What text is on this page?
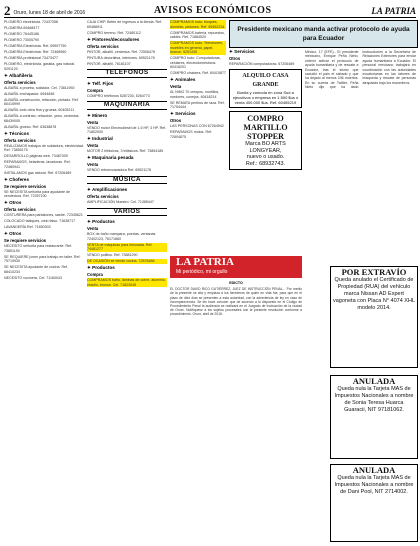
2 Oruro, lunes 18 de abril de 2016	AVISOS ECONÓMICOS	LA PATRIA
PLOMERO electricista. 72437358
PLOMERÍA 69468477
PLOMERO 76445186
PLOMERO 73005790
PLOMERÍA Electricista. Ref. 69597750
PLOMERÍA Electricista. Ref. 72468960
PLOMERÍA profesional 73473477
PLOMERO, electricista, gasista, gas natural. 5291120
✦ Albañilería
Oferta servicios
ALBAÑIL a prueba, soldador. Cel. 73811992
ALBAÑIL enchapador. 6944848
ALBAÑIL construcción, refacción, pintado. Ref. 60415999
ALBAÑIL todo obra fina y gruesa. 60405211
ALBAÑIL a contrato, refacción, yeso, cerámica. 68439005
ALBAÑIL grueso. Ref. 63638878
✦ Técnicos
Oferta servicios
REALIZAMOS trabajos de soldadura, electricidad. Ref. 73855175
DESARROLLO páginas web. 73487009
REPARAMOS, heladeras, lavadoras. Ref. 72480941
INSTALAMOS gas natural. Ref. 67206489
✦ Choferes
Se requiere servicios
SE NECESITA señorita para ayudante de vendedora. Ref. 72397100
✦ Otros
Oferta servicios
COSTURERA para pantalones, sastre. 72345621
COLOCADO tabiques, cielo falso. 71638717
LAVANDERÍA Ref. 71650303
✦ Otros
Se requiere servicios
NECESITO señorita para restaurante. Ref. 73851190
SE REQUIERE joven para trabajo en taller. Ref. 75719930
SE NECESITA ayudante de cocina. Ref. 68410234
NECESITO cocinera. Cel. 71160043
CAJA CHIP. Belén de ingresos a la tienda. Ref. 69488911
COMPRO terreno. Ref. 72480112
✦ Pintores/decoradores
Oferta servicios
PINTOR, albañil, cerámica. Ref. 72506478
PINTURA decorativa, interiores. 69521178
PINTOR, albañil. 76181107
TELEFONOS
✦ Telf. Fijos
Compra
COMPRO teléfonos 5287230, 5264773
MAQUINARIA
✦ Minero
Venta
VENDO motor Electrodiesel de 1.5 HP, 3 HP. Ref. 71802000
✦ Industrial
Venta
MOTOR 2 trifásicos, 3 trifásicos. Ref. 73854185
✦ Maquinaria pesada
Venta
VENDO retroexcavadora Ref. 69521178
MÚSICA
✦ Amplificaciones
Oferta servicios
AMPLIFICACIÓN Nuestro. Cel. 71385447
VARIOS
✦ Productos
Venta
BOX de baño mampara, puertas, ventanas. 72402123, 76171860
VENTA de máquinas para limonada. Ref. 74481277
VENDO pollitos. Ref. 73881290
DE OCASIÓN se vende cocina. 72876486
✦ Productos
Compra
COMPRAMOS baño, láminas de cobre, aluminio, estaño, bronce. Cel. 71823045
COMPRAMOS todo: bloques, aluminio, pistones. Ref. 69452234
COMPRAMOS batería, repuestos, cables. Ref. 71884520
COMPRAMOS todo: Televisores, muebles en general, papel, bronce. 5251445
COMPRO todo: Computadoras, celulares, electrodomésticos. 60418201
COMPRO chatarra. Ref. 60415877
✦ Animales
Venta
AL NINO 70 crespos, mortillos, roedores, conejos. 60418214
SE REMATA perritos de raza. Ref. 71754444
✦ Servicios
Otros
LAS PERSONAS CON 67264942
REPARAMOS motos. Ref. 72604875
✦ Servicios
Otros
REPARACIÓN computadoras. 67206489
ALQUILO CASA GRANDE
Bonita y cómoda en zona Sud a ejecutivos o empresa en 1.500 $us o venta 400.000 $us. Ref. 60455219
COMPRO
MARTILLO
STOPPER
Marca BO ARTS
LONGYEAR,
nuevo o usado.
Ref.: 68932743.
Presidente mexicano manda activar protocolo de ayuda para Ecuador
México, 17 (EFE).- El presidente mexicano, Enrique Peña Nieto, ordenó activar el protocolo de ayuda humanitaria y de rescate a Ecuador, tras el sismo que sacudió el país el sábado y que ha dejado al menos 246 muertos. En su cuenta de Twitter, Peña Nieto dijo que ha dado instrucciones a la Secretaría de Relaciones Exteriores para enviar ayuda humanitaria a Ecuador. El personal mexicano trabajará en coordinación con las autoridades ecuatorianas en las labores de búsqueda y rescate de personas atrapadas bajo los escombros.
LA PATRIA
Mi periódico, mi orgullo
EDICTO
EL DOCTOR DAVID RICO GUTIÉRREZ, JUEZ DE INSTRUCCIÓN PENAL... Por medio de la presente se cita y emplaza a los herederos de quien en vida fue, para que en el plazo de diez días se presenten a esta autoridad, con la advertencia de ley en caso de incomparecencia. Se les hace conocer que de acuerdo a lo dispuesto en el Código de Procedimiento Penal la audiencia se realizará en el Juzgado de Instrucción de la ciudad de Oruro. Notifíquese a los sujetos procesales con la presente resolución conforme a procedimiento. Oruro, abril de 2016.
POR EXTRAVÍO
Queda anulado el Certificado de Propiedad (RUA) del vehículo marca Nissan AD Expert vagoneta con Placa N° 4074 XHL modelo 2014.
ANULADA
Queda nula la Tarjeta MAS de Impuestos Nacionales a nombre de Sonia Teresa Huarca Guaracii, NIT 97181062.
ANULADA
Queda nula la Tarjeta MAS de Impuestos Nacionales a nombre de Dani Pool, NIT 2714002.
